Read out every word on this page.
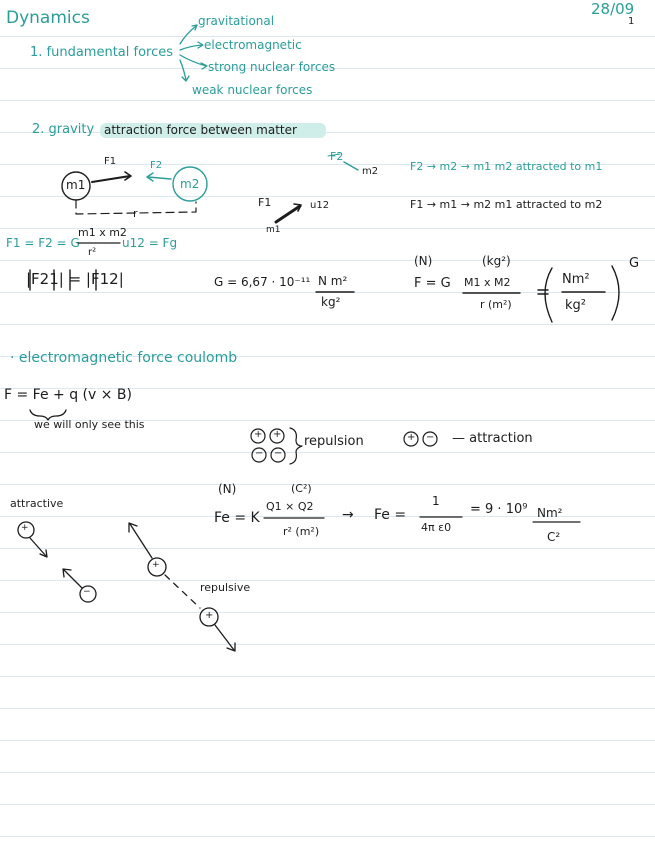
Dynamics	28/09
1
1. fundamental forces
gravitational
electromagnetic
strong nuclear forces
weak nuclear forces
2. gravity attraction force between matter
m1	m2
F1	F2
r
F1 = F2 = G
m1 x m2
r²
u12 = Fg
|F21| = |F12|
F2
m2
F1	u12
m1
F2 → m2 → m1 m2 attracted to m1
F1 → m1 → m2 m1 attracted to m2
G = 6,67 · 10⁻¹¹ N m²
kg²
(N)	(kg²)
F = G M1 x M2
r (m²)
Nm²
kg²
G
· electromagnetic force coulomb
F = Fe + q (v × B)
we will only see this
repulsion	— attraction
attractive
repulsive
(N)	(C²)
Fe = K
Q1 × Q2
r² (m²)
→ Fe =
1
4π ε0
= 9 · 10⁹ Nm²
C²
+ +
− −
+ −
+
−
+
+
